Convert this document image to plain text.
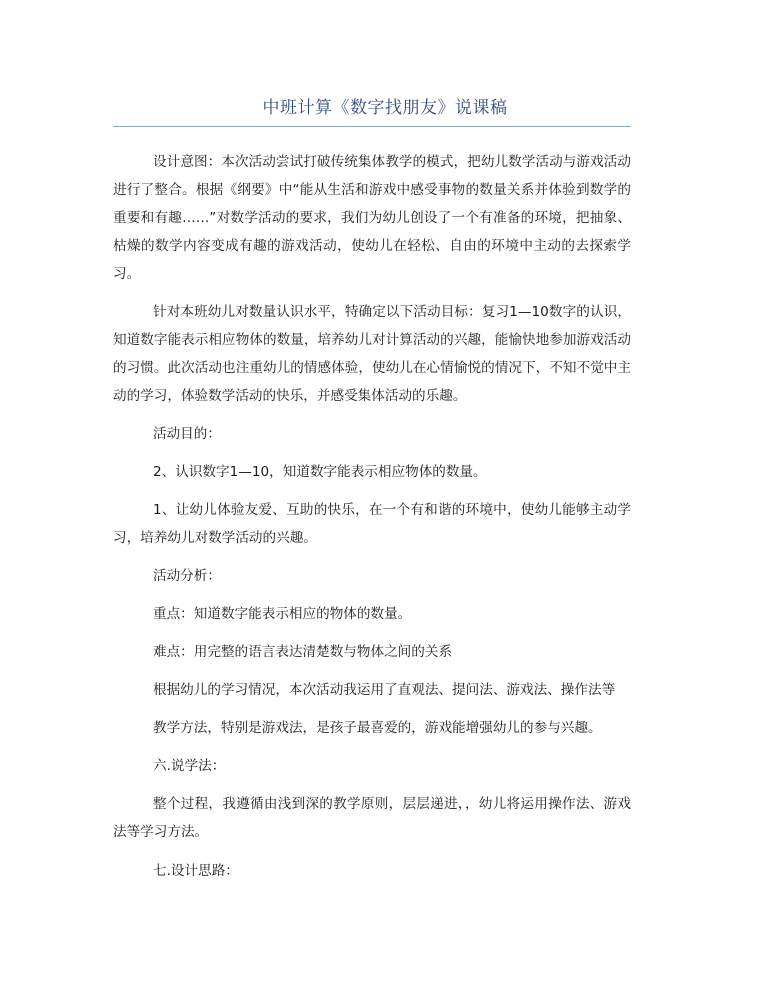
中班计算《数字找朋友》说课稿

设计意图：本次活动尝试打破传统集体教学的模式，把幼儿数学活动与游戏活动进行了整合。根据《纲要》中“能从生活和游戏中感受事物的数量关系并体验到数学的重要和有趣……”对数学活动的要求，我们为幼儿创设了一个有准备的环境，把抽象、枯燥的数学内容变成有趣的游戏活动，使幼儿在轻松、自由的环境中主动的去探索学习。

针对本班幼儿对数量认识水平，特确定以下活动目标：复习1—10数字的认识，知道数字能表示相应物体的数量，培养幼儿对计算活动的兴趣，能愉快地参加游戏活动的习惯。此次活动也注重幼儿的情感体验，使幼儿在心情愉悦的情况下，不知不觉中主动的学习，体验数学活动的快乐，并感受集体活动的乐趣。

活动目的：

2、认识数字1—10，知道数字能表示相应物体的数量。

1、让幼儿体验友爱、互助的快乐，在一个有和谐的环境中，使幼儿能够主动学习，培养幼儿对数学活动的兴趣。

活动分析：

重点：知道数字能表示相应的物体的数量。

难点：用完整的语言表达清楚数与物体之间的关系

根据幼儿的学习情况，本次活动我运用了直观法、提问法、游戏法、操作法等

教学方法，特别是游戏法，是孩子最喜爱的，游戏能增强幼儿的参与兴趣。

六.说学法：

整个过程，我遵循由浅到深的教学原则，层层递进，，幼儿将运用操作法、游戏法等学习方法。

七.设计思路：
